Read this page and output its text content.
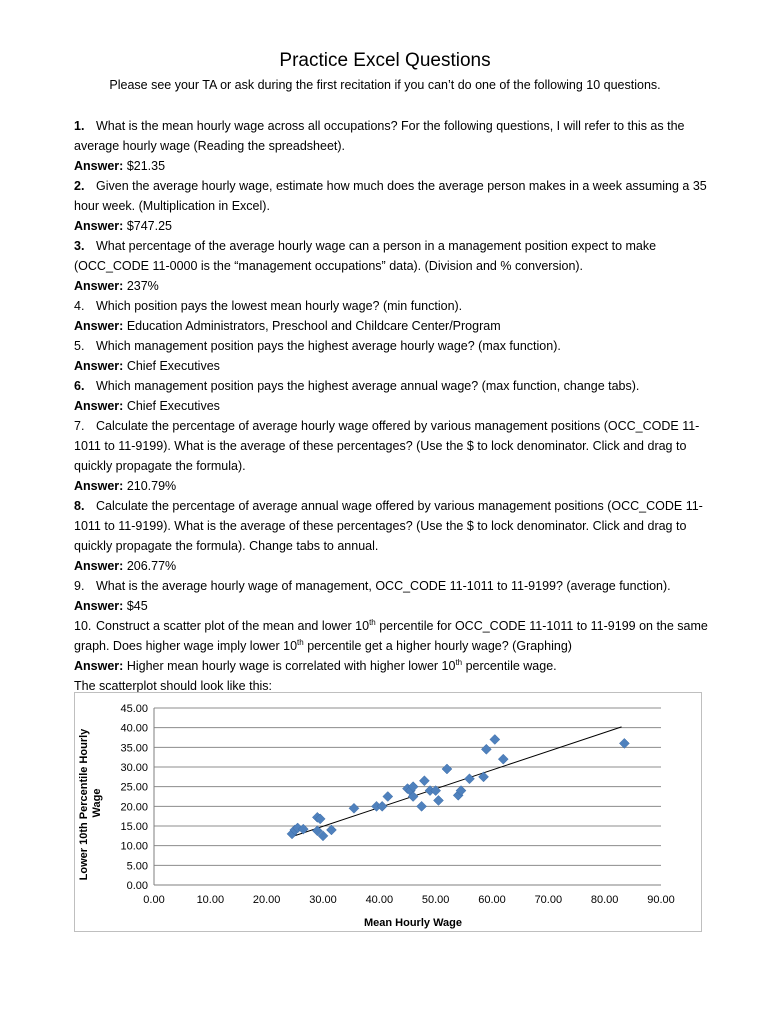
Practice Excel Questions
Please see your TA or ask during the first recitation if you can’t do one of the following 10 questions.

1. What is the mean hourly wage across all occupations? For the following questions, I will refer to this as the average hourly wage (Reading the spreadsheet).

Answer: $21.35

2. Given the average hourly wage, estimate how much does the average person makes in a week assuming a 35 hour week. (Multiplication in Excel).

Answer: $747.25

3. What percentage of the average hourly wage can a person in a management position expect to make (OCC_CODE 11-0000 is the “management occupations” data). (Division and % conversion).

Answer: 237%

4. Which position pays the lowest mean hourly wage? (min function).

Answer: Education Administrators, Preschool and Childcare Center/Program

5. Which management position pays the highest average hourly wage? (max function).

Answer: Chief Executives

6. Which management position pays the highest average annual wage? (max function, change tabs).

Answer: Chief Executives

7. Calculate the percentage of average hourly wage offered by various management positions (OCC_CODE 11-1011 to 11-9199). What is the average of these percentages? (Use the $ to lock denominator. Click and drag to quickly propagate the formula).

Answer: 210.79%

8. Calculate the percentage of average annual wage offered by various management positions (OCC_CODE 11-1011 to 11-9199). What is the average of these percentages? (Use the $ to lock denominator. Click and drag to quickly propagate the formula). Change tabs to annual.

Answer: 206.77%

9. What is the average hourly wage of management, OCC_CODE 11-1011 to 11-9199? (average function).

Answer: $45

10. Construct a scatter plot of the mean and lower 10th percentile for OCC_CODE 11-1011 to 11-9199 on the same graph. Does higher wage imply lower 10th percentile get a higher hourly wage? (Graphing)

Answer: Higher mean hourly wage is correlated with higher lower 10th percentile wage.

The scatterplot should look like this:

0.00
5.00
10.00
15.00
20.00
25.00
30.00
35.00
40.00
45.00
0.00	10.00	20.00	30.00	40.00	50.00	60.00	70.00	80.00	90.00
Mean Hourly Wage
Lower 10th Percentile Hourly Wage
